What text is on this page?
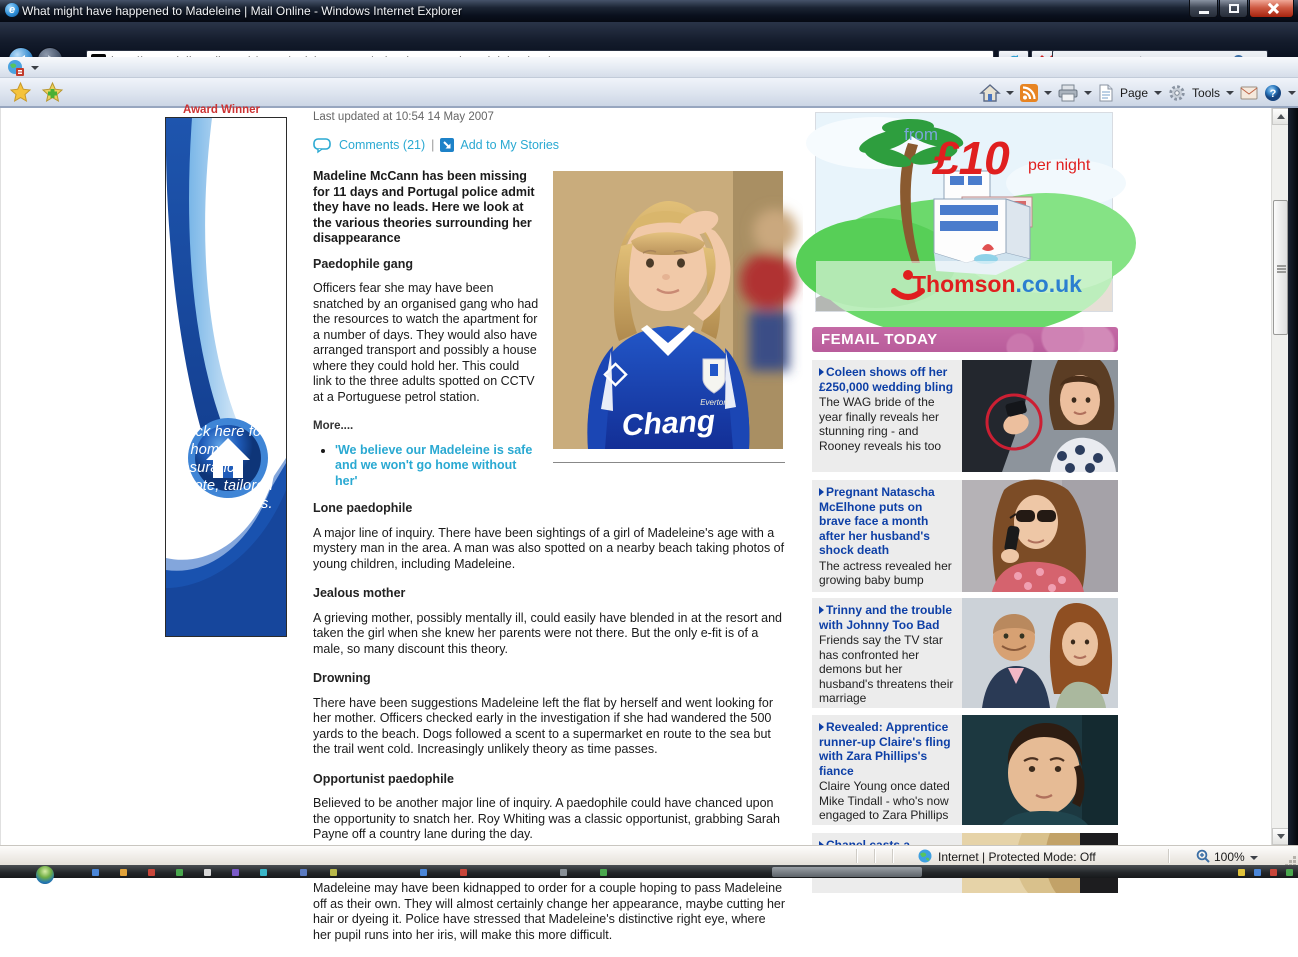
e What might have happened to Madeleine | Mail Online - Windows Internet Explorer
http://www.dailymail.co.uk/news/article-454692/What-happened-Madeleine.html
MyStart Search
Page	Tools	?
Award Winner
Click here for a home insurance quote, tailored to your needs.

Last updated at 10:54 14 May 2007

Comments (21) | Add to My Stories
Everton
Chang

Madeline McCann has been missing for 11 days and Portugal police admit they have no leads. Here we look at the various theories surrounding her disappearance

Paedophile gang

Officers fear she may have been snatched by an organised gang who had the resources to watch the apartment for a number of days. They would also have arranged transport and possibly a house where they could hold her. This could link to the three adults spotted on CCTV at a Portuguese petrol station.

More....

• 'We believe our Madeleine is safe and we won't go home without her'
Lone paedophile

A major line of inquiry. There have been sightings of a girl of Madeleine's age with a mystery man in the area. A man was also spotted on a nearby beach taking photos of young children, including Madeleine.

Jealous mother

A grieving mother, possibly mentally ill, could easily have blended in at the resort and taken the girl when she knew her parents were not there. But the only e-fit is of a male, so many discount this theory.

Drowning

There have been suggestions Madeleine left the flat by herself and went looking for her mother. Officers checked early in the investigation if she had wandered the 500 yards to the beach. Dogs followed a scent to a supermarket en route to the sea but the trail went cold. Increasingly unlikely theory as time passes.

Opportunist paedophile

Believed to be another major line of inquiry. A paedophile could have chanced upon the opportunity to snatch her. Roy Whiting was a classic opportunist, grabbing Sarah Payne off a country lane during the day.

Madeleine may have been kidnapped to order for a couple hoping to pass Madeleine off as their own. They will almost certainly change her appearance, maybe cutting her hair or dyeing it. Police have stressed that Madeleine's distinctive right eye, where her pupil runs into her iris, will make this more difficult.

from
£10 per night
Thomson .co.uk
FEMAIL TODAY
Coleen shows off her £250,000 wedding bling
The WAG bride of the year finally reveals her stunning ring - and Rooney reveals his too
Pregnant Natascha McElhone puts on brave face a month after her husband's shock death
The actress revealed her growing baby bump
Trinny and the trouble with Johnny Too Bad
Friends say the TV star has confronted her demons but her husband's threatens their marriage
Revealed: Apprentice runner-up Claire's fling with Zara Phillips's fiance
Claire Young once dated Mike Tindall - who's now engaged to Zara Phillips
Internet | Protected Mode: Off	100%
